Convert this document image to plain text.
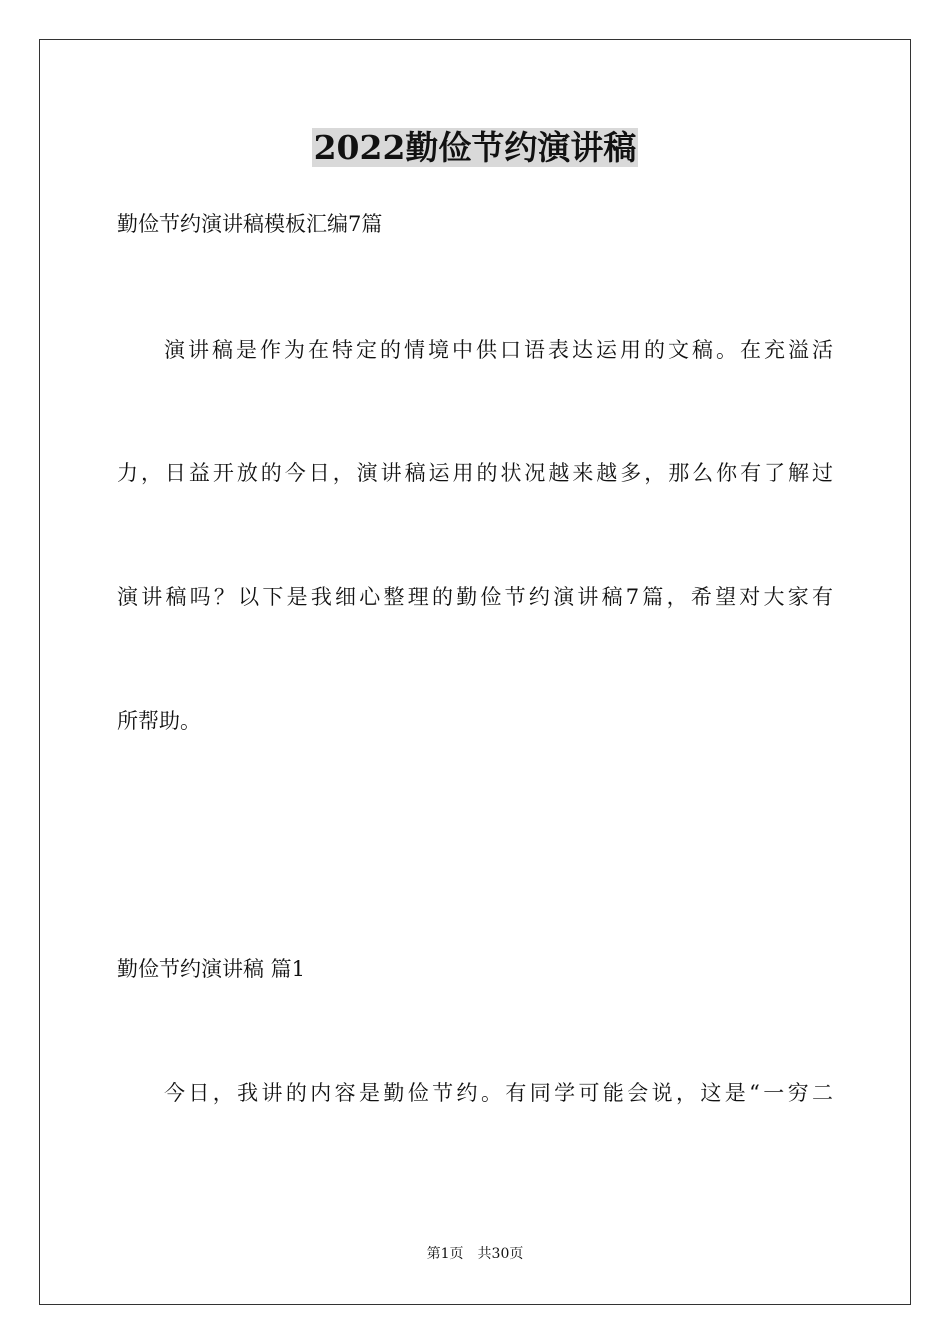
2022勤俭节约演讲稿
勤俭节约演讲稿模板汇编7篇
演讲稿是作为在特定的情境中供口语表达运用的文稿。在充溢活
力，日益开放的今日，演讲稿运用的状况越来越多，那么你有了解过
演讲稿吗？以下是我细心整理的勤俭节约演讲稿7篇，希望对大家有
所帮助。
勤俭节约演讲稿 篇1
今日，我讲的内容是勤俭节约。有同学可能会说，这是“一穷二
第1页 共30页
